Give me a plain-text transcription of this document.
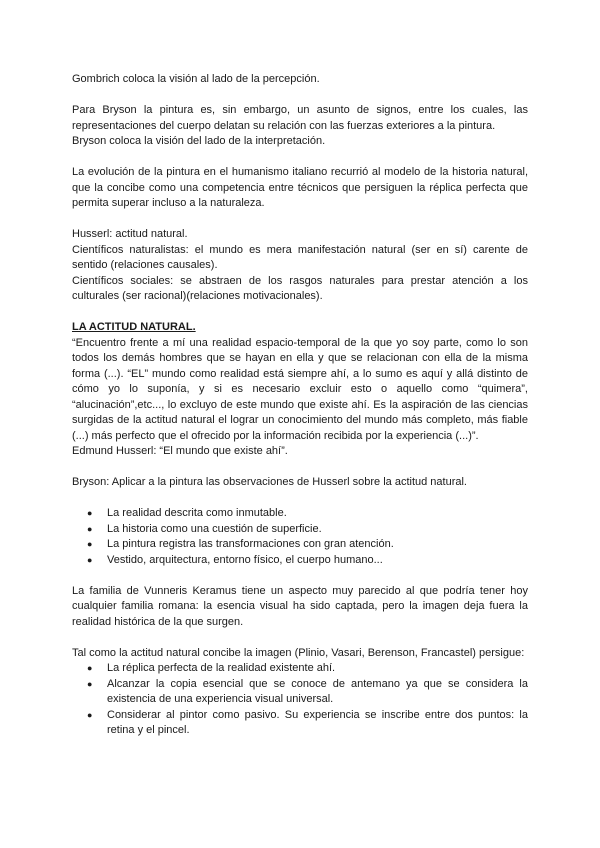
Gombrich coloca la visión al lado de la percepción.

Para Bryson la pintura es, sin embargo, un asunto de signos, entre los cuales, las representaciones del cuerpo delatan su relación con las fuerzas exteriores a la pintura.

Bryson coloca la visión del lado de la interpretación.

La evolución de la pintura en el humanismo italiano recurrió al modelo de la historia natural, que la concibe como una competencia entre técnicos que persiguen la réplica perfecta que permita superar incluso a la naturaleza.

Husserl: actitud natural.

Científicos naturalistas: el mundo es mera manifestación natural (ser en sí) carente de sentido (relaciones causales).

Científicos sociales: se abstraen de los rasgos naturales para prestar atención a los culturales (ser racional)(relaciones motivacionales).

LA ACTITUD NATURAL.

“Encuentro frente a mí una realidad espacio-temporal de la que yo soy parte, como lo son todos los demás hombres que se hayan en ella y que se relacionan con ella de la misma forma (...). “EL” mundo como realidad está siempre ahí, a lo sumo es aquí y allá distinto de cómo yo lo suponía, y si es necesario excluir esto o aquello como “quimera”, “alucinación”,etc..., lo excluyo de este mundo que existe ahí. Es la aspiración de las ciencias surgidas de la actitud natural el lograr un conocimiento del mundo más completo, más fiable (...) más perfecto que el ofrecido por la información recibida por la experiencia (...)”.

Edmund Husserl: “El mundo que existe ahí”.

Bryson: Aplicar a la pintura las observaciones de Husserl sobre la actitud natural.

● La realidad descrita como inmutable.
● La historia como una cuestión de superficie.
● La pintura registra las transformaciones con gran atención.
● Vestido, arquitectura, entorno físico, el cuerpo humano...

La familia de Vunneris Keramus tiene un aspecto muy parecido al que podría tener hoy cualquier familia romana: la esencia visual ha sido captada, pero la imagen deja fuera la realidad histórica de la que surgen.

Tal como la actitud natural concibe la imagen (Plinio, Vasari, Berenson, Francastel) persigue:

● La réplica perfecta de la realidad existente ahí.
● Alcanzar la copia esencial que se conoce de antemano ya que se considera la existencia de una experiencia visual universal.
● Considerar al pintor como pasivo. Su experiencia se inscribe entre dos puntos: la retina y el pincel.
